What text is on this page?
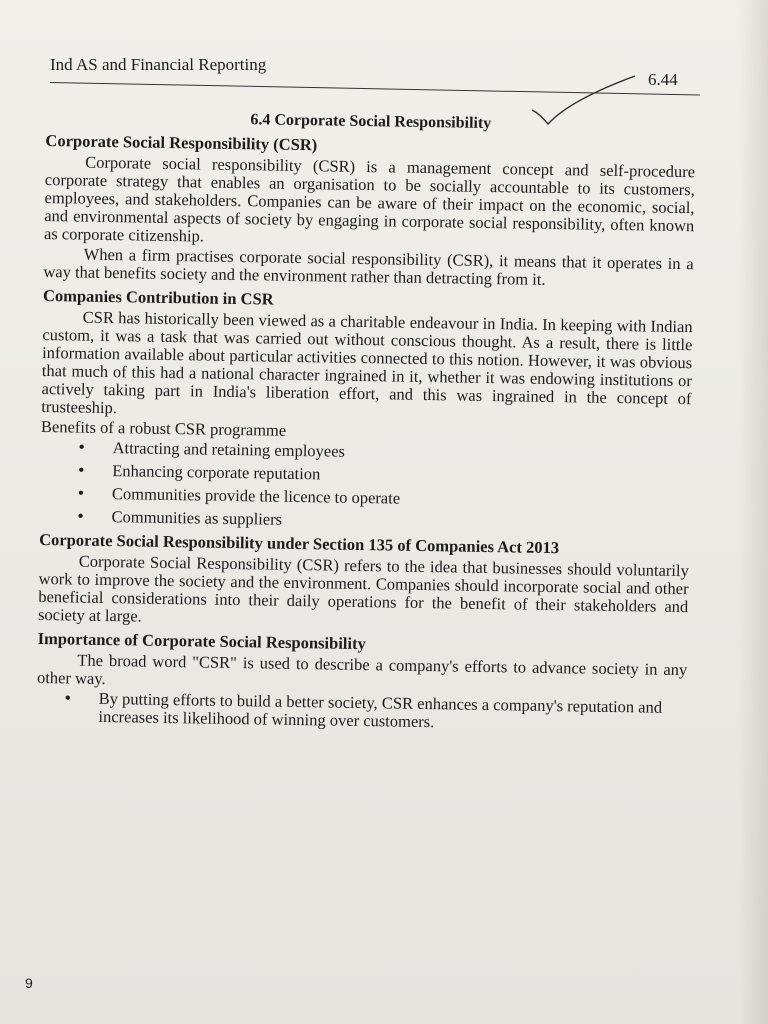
Ind AS and Financial Reporting
6.44
6.4 Corporate Social Responsibility
Corporate Social Responsibility (CSR)

Corporate social responsibility (CSR) is a management concept and self-procedure corporate strategy that enables an organisation to be socially accountable to its customers, employees, and stakeholders. Companies can be aware of their impact on the economic, social, and environmental aspects of society by engaging in corporate social responsibility, often known as corporate citizenship.

When a firm practises corporate social responsibility (CSR), it means that it operates in a way that benefits society and the environment rather than detracting from it.

Companies Contribution in CSR

CSR has historically been viewed as a charitable endeavour in India. In keeping with Indian custom, it was a task that was carried out without conscious thought. As a result, there is little information available about particular activities connected to this notion. However, it was obvious that much of this had a national character ingrained in it, whether it was endowing institutions or actively taking part in India's liberation effort, and this was ingrained in the concept of trusteeship.

Benefits of a robust CSR programme

● Attracting and retaining employees
● Enhancing corporate reputation
● Communities provide the licence to operate
● Communities as suppliers
Corporate Social Responsibility under Section 135 of Companies Act 2013

Corporate Social Responsibility (CSR) refers to the idea that businesses should voluntarily work to improve the society and the environment. Companies should incorporate social and other beneficial considerations into their daily operations for the benefit of their stakeholders and society at large.

Importance of Corporate Social Responsibility

The broad word "CSR" is used to describe a company's efforts to advance society in any other way.

● By putting efforts to build a better society, CSR enhances a company's reputation and increases its likelihood of winning over customers.
9
